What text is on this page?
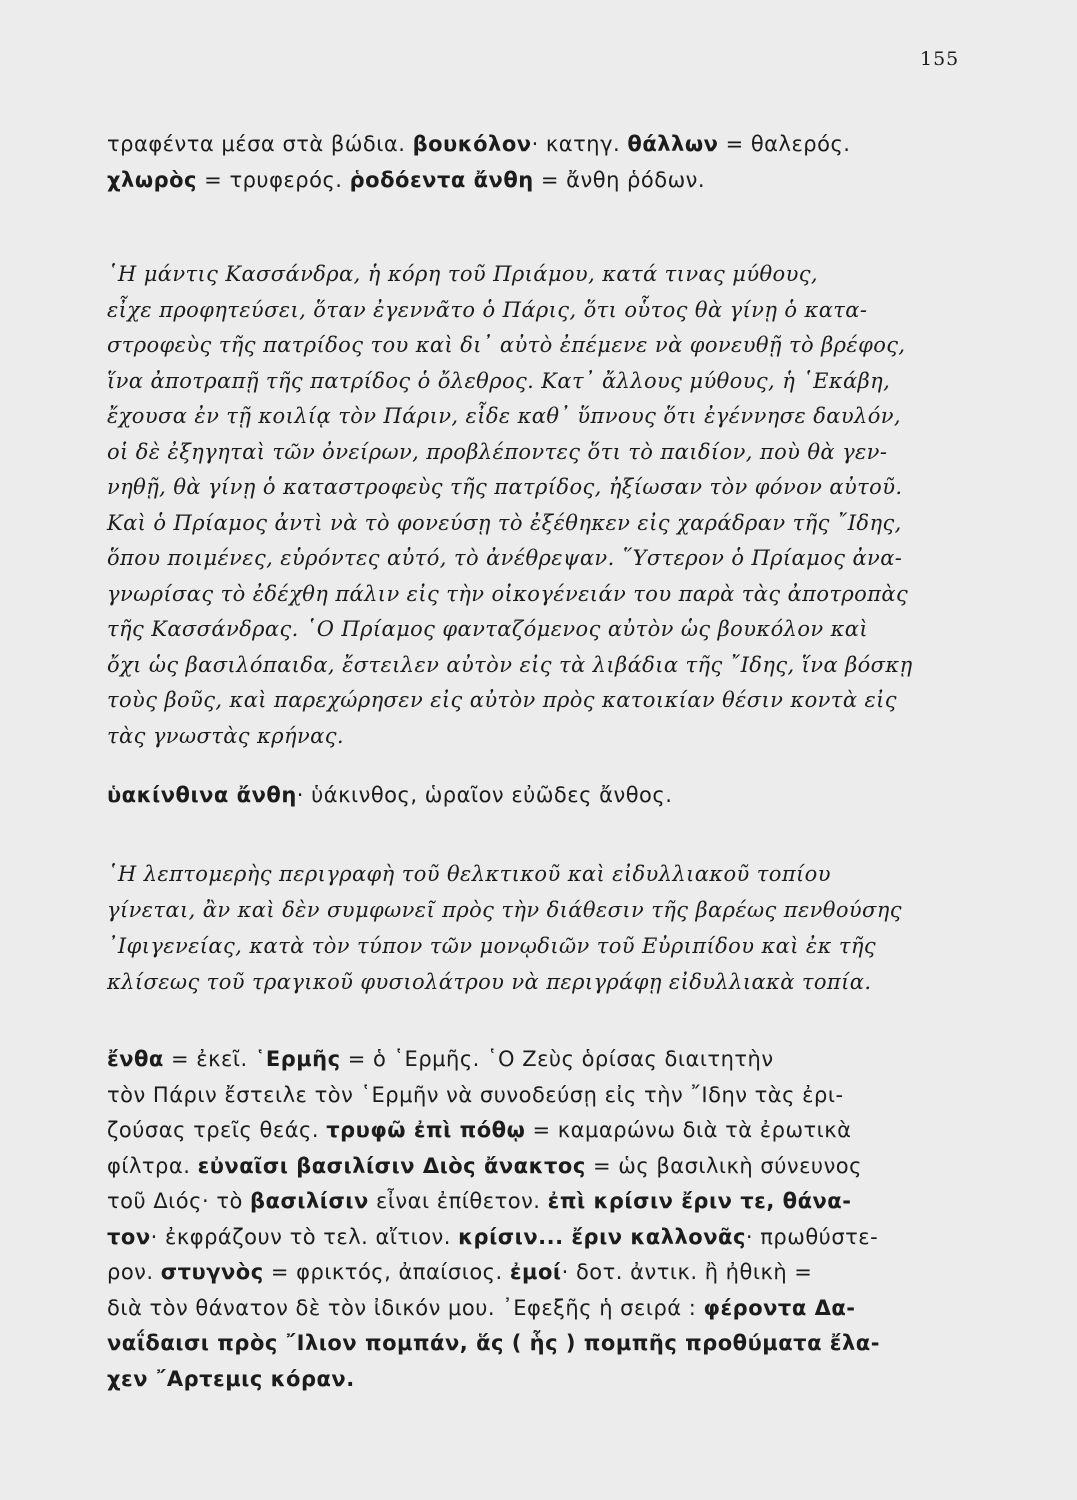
155
τραφέντα μέσα στὰ βώδια. βουκόλον· κατηγ. θάλλων = θαλερός.
χλωρὸς = τρυφερός. ῥοδόεντα ἄνθη = ἄνθη ῥόδων.
῾Η μάντις Κασσάνδρα, ἡ κόρη τοῦ Πριάμου, κατά τινας μύθους,
εἶχε προφητεύσει, ὅταν ἐγεννᾶτο ὁ Πάρις, ὅτι οὗτος θὰ γίνῃ ὁ κατα-
στροφεὺς τῆς πατρίδος του καὶ δι᾿ αὐτὸ ἐπέμενε νὰ φονευθῇ τὸ βρέφος,
ἵνα ἀποτραπῇ τῆς πατρίδος ὁ ὄλεθρος. Κατ᾿ ἄλλους μύθους, ἡ ῾Εκάβη,
ἔχουσα ἐν τῇ κοιλίᾳ τὸν Πάριν, εἶδε καθ᾿ ὕπνους ὅτι ἐγέννησε δαυλόν,
οἱ δὲ ἐξηγηταὶ τῶν ὀνείρων, προβλέποντες ὅτι τὸ παιδίον, ποὺ θὰ γεν-
νηθῇ, θὰ γίνῃ ὁ καταστροφεὺς τῆς πατρίδος, ἠξίωσαν τὸν φόνον αὐτοῦ.
Καὶ ὁ Πρίαμος ἀντὶ νὰ τὸ φονεύσῃ τὸ ἐξέθηκεν εἰς χαράδραν τῆς ῎Ιδης,
ὅπου ποιμένες, εὑρόντες αὐτό, τὸ ἀνέθρεψαν. ῞Υστερον ὁ Πρίαμος ἀνα-
γνωρίσας τὸ ἐδέχθη πάλιν εἰς τὴν οἰκογένειάν του παρὰ τὰς ἀποτροπὰς
τῆς Κασσάνδρας. ῾Ο Πρίαμος φανταζόμενος αὐτὸν ὡς βουκόλον καὶ
ὄχι ὡς βασιλόπαιδα, ἔστειλεν αὐτὸν εἰς τὰ λιβάδια τῆς ῎Ιδης, ἵνα βόσκῃ
τοὺς βοῦς, καὶ παρεχώρησεν εἰς αὐτὸν πρὸς κατοικίαν θέσιν κοντὰ εἰς
τὰς γνωστὰς κρήνας.
ὑακίνθινα ἄνθη· ὑάκινθος, ὡραῖον εὐῶδες ἄνθος.
῾Η λεπτομερὴς περιγραφὴ τοῦ θελκτικοῦ καὶ εἰδυλλιακοῦ τοπίου
γίνεται, ἂν καὶ δὲν συμφωνεῖ πρὸς τὴν διάθεσιν τῆς βαρέως πενθούσης
᾿Ιφιγενείας, κατὰ τὸν τύπον τῶν μονῳδιῶν τοῦ Εὐριπίδου καὶ ἐκ τῆς
κλίσεως τοῦ τραγικοῦ φυσιολάτρου νὰ περιγράφῃ εἰδυλλιακὰ τοπία.
ἔνθα = ἐκεῖ. ῾Ερμῆς = ὁ ῾Ερμῆς. ῾Ο Ζεὺς ὁρίσας διαιτητὴν
τὸν Πάριν ἔστειλε τὸν ῾Ερμῆν νὰ συνοδεύσῃ εἰς τὴν ῎Ιδην τὰς ἐρι-
ζούσας τρεῖς θεάς. τρυφῶ ἐπὶ πόθῳ = καμαρώνω διὰ τὰ ἐρωτικὰ
φίλτρα. εὐναῖσι βασιλίσιν Διὸς ἄνακτος = ὡς βασιλικὴ σύνευνος
τοῦ Διός· τὸ βασιλίσιν εἶναι ἐπίθετον. ἐπὶ κρίσιν ἔριν τε, θάνα-
τον· ἐκφράζουν τὸ τελ. αἴτιον. κρίσιν... ἔριν καλλονᾶς· πρωθύστε-
ρον. στυγνὸς = φρικτός, ἀπαίσιος. ἐμοί· δοτ. ἀντικ. ἢ ἠθικὴ =
διὰ τὸν θάνατον δὲ τὸν ἰδικόν μου. ᾿Εφεξῆς ἡ σειρά : φέροντα Δα-
ναΐδαισι πρὸς ῎Ιλιον πομπάν, ἅς ( ἧς ) πομπῆς προθύματα ἔλα-
χεν ῎Αρτεμις κόραν.
